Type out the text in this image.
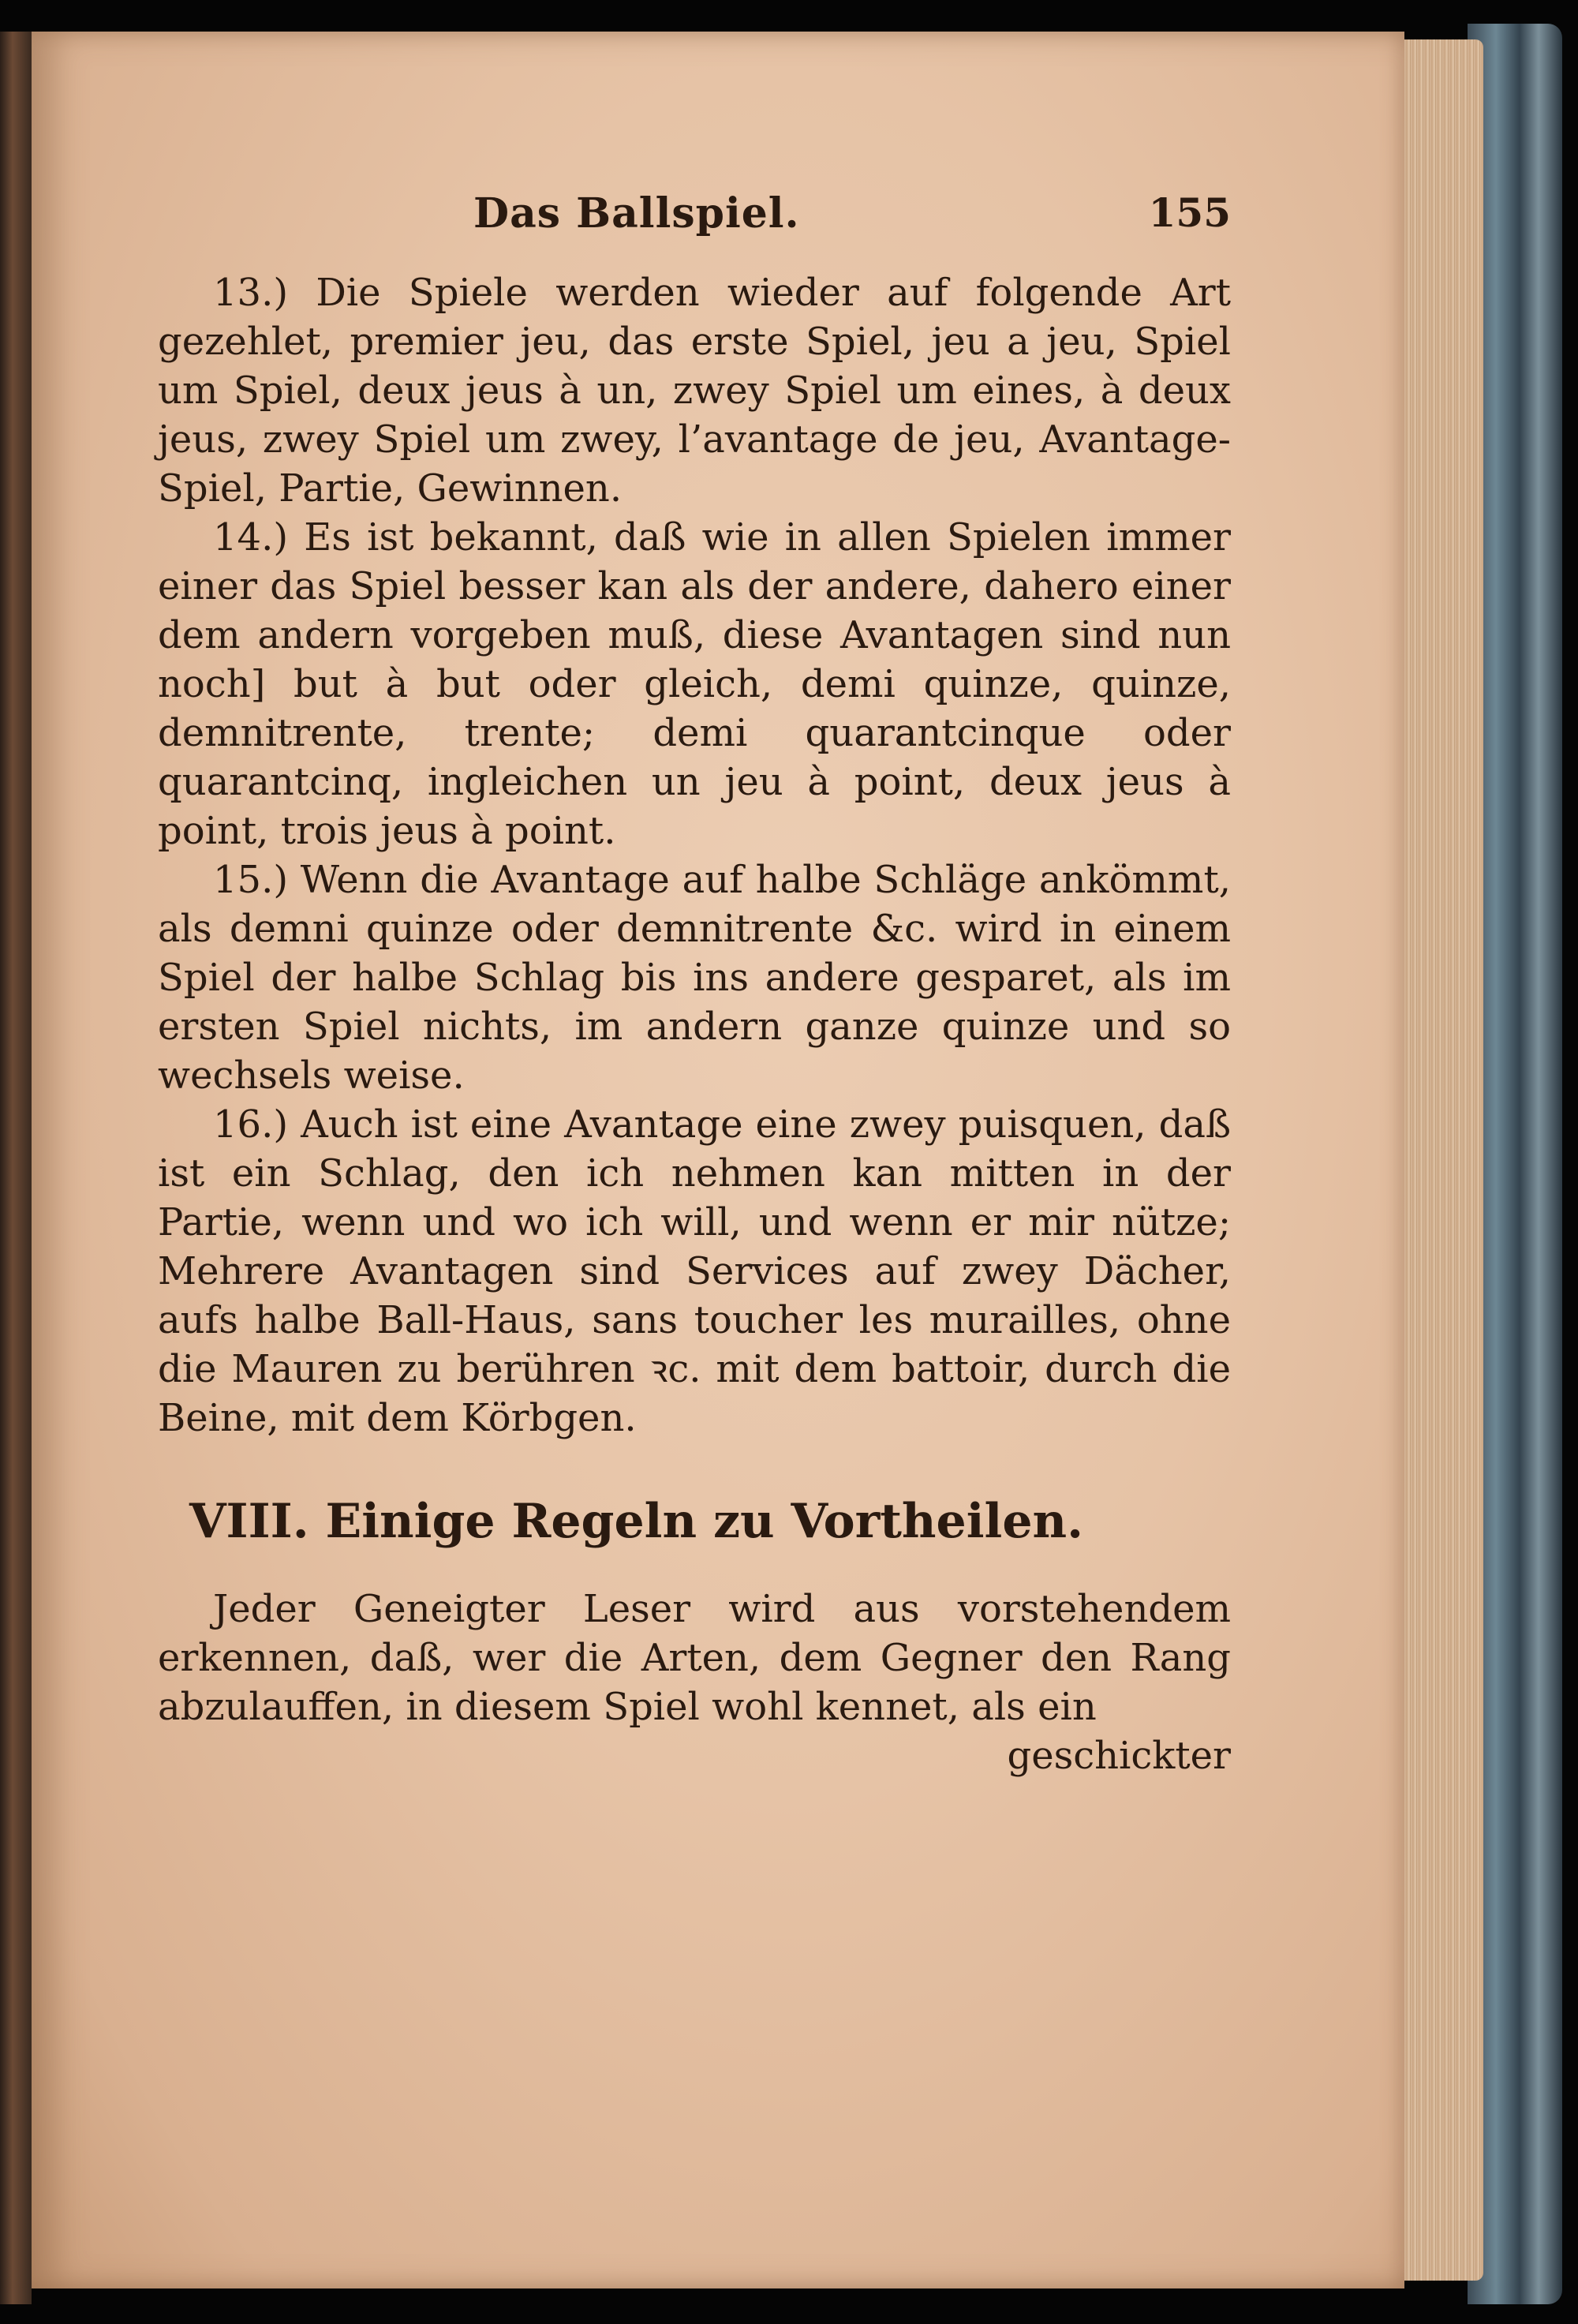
Das Ballspiel.	155

13.) Die Spiele werden wieder auf folgende Art gezehlet, premier jeu, das erste Spiel, jeu a jeu, Spiel um Spiel, deux jeus à un, zwey Spiel um eines, à deux jeus, zwey Spiel um zwey, l’avantage de jeu, Avantage-Spiel, Partie, Gewinnen.

14.) Es ist bekannt, daß wie in allen Spielen immer einer das Spiel besser kan als der andere, dahero einer dem andern vorgeben muß, diese Avantagen sind nun noch] but à but oder gleich, demi quinze, quinze, demnitrente, trente; demi quarantcinque oder quarantcinq, ingleichen un jeu à point, deux jeus à point, trois jeus à point.

15.) Wenn die Avantage auf halbe Schläge ankömmt, als demni quinze oder demnitrente &c. wird in einem Spiel der halbe Schlag bis ins andere gesparet, als im ersten Spiel nichts, im andern ganze quinze und so wechsels weise.

16.) Auch ist eine Avantage eine zwey puisquen, daß ist ein Schlag, den ich nehmen kan mitten in der Partie, wenn und wo ich will, und wenn er mir nütze; Mehrere Avantagen sind Services auf zwey Dächer, aufs halbe Ball-Haus, sans toucher les murailles, ohne die Mauren zu berühren ꝛc. mit dem battoir, durch die Beine, mit dem Körbgen.

VIII. Einige Regeln zu Vortheilen.

Jeder Geneigter Leser wird aus vorstehendem erkennen, daß, wer die Arten, dem Gegner den Rang abzulauffen, in diesem Spiel wohl kennet, als ein

geschickter
